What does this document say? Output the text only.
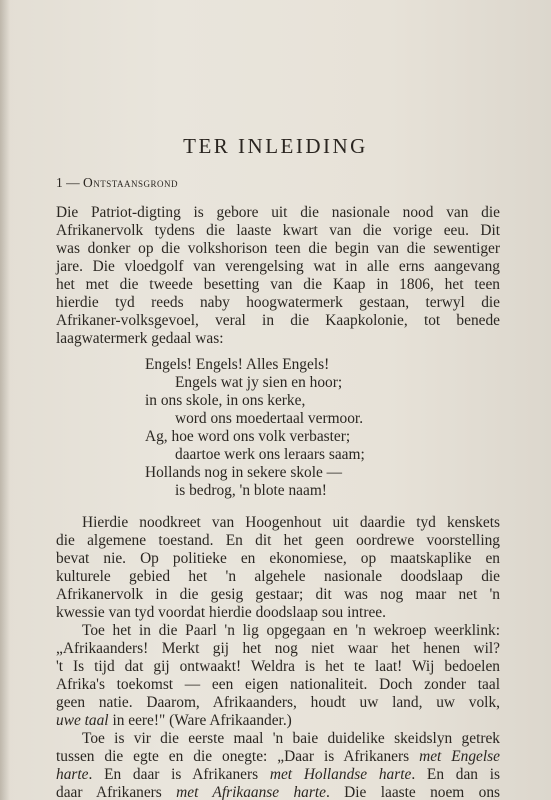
TER INLEIDING
1 — Ontstaansgrond
Die Patriot-digting is gebore uit die nasionale nood van die
Afrikanervolk tydens die laaste kwart van die vorige eeu. Dit
was donker op die volkshorison teen die begin van die sewentiger
jare. Die vloedgolf van verengelsing wat in alle erns aangevang
het met die tweede besetting van die Kaap in 1806, het teen
hierdie tyd reeds naby hoogwatermerk gestaan, terwyl die
Afrikaner-volksgevoel, veral in die Kaapkolonie, tot benede
laagwatermerk gedaal was:
Engels! Engels! Alles Engels!
Engels wat jy sien en hoor;
in ons skole, in ons kerke,
word ons moedertaal vermoor.
Ag, hoe word ons volk verbaster;
daartoe werk ons leraars saam;
Hollands nog in sekere skole —
is bedrog, 'n blote naam!
Hierdie noodkreet van Hoogenhout uit daardie tyd kenskets
die algemene toestand. En dit het geen oordrewe voorstelling
bevat nie. Op politieke en ekonomiese, op maatskaplike en
kulturele gebied het 'n algehele nasionale doodslaap die
Afrikanervolk in die gesig gestaar; dit was nog maar net 'n
kwessie van tyd voordat hierdie doodslaap sou intree.
Toe het in die Paarl 'n lig opgegaan en 'n wekroep weerklink:
„Afrikaanders! Merkt gij het nog niet waar het henen wil?
't Is tijd dat gij ontwaakt! Weldra is het te laat! Wij bedoelen
Afrika's toekomst — een eigen nationaliteit. Doch zonder taal
geen natie. Daarom, Afrikaanders, houdt uw land, uw volk,
uwe taal in eere!" (Ware Afrikaander.)
Toe is vir die eerste maal 'n baie duidelike skeidslyn getrek
tussen die egte en die onegte: „Daar is Afrikaners met Engelse
harte. En daar is Afrikaners met Hollandse harte. En dan is
daar Afrikaners met Afrikaanse harte. Die laaste noem ons
